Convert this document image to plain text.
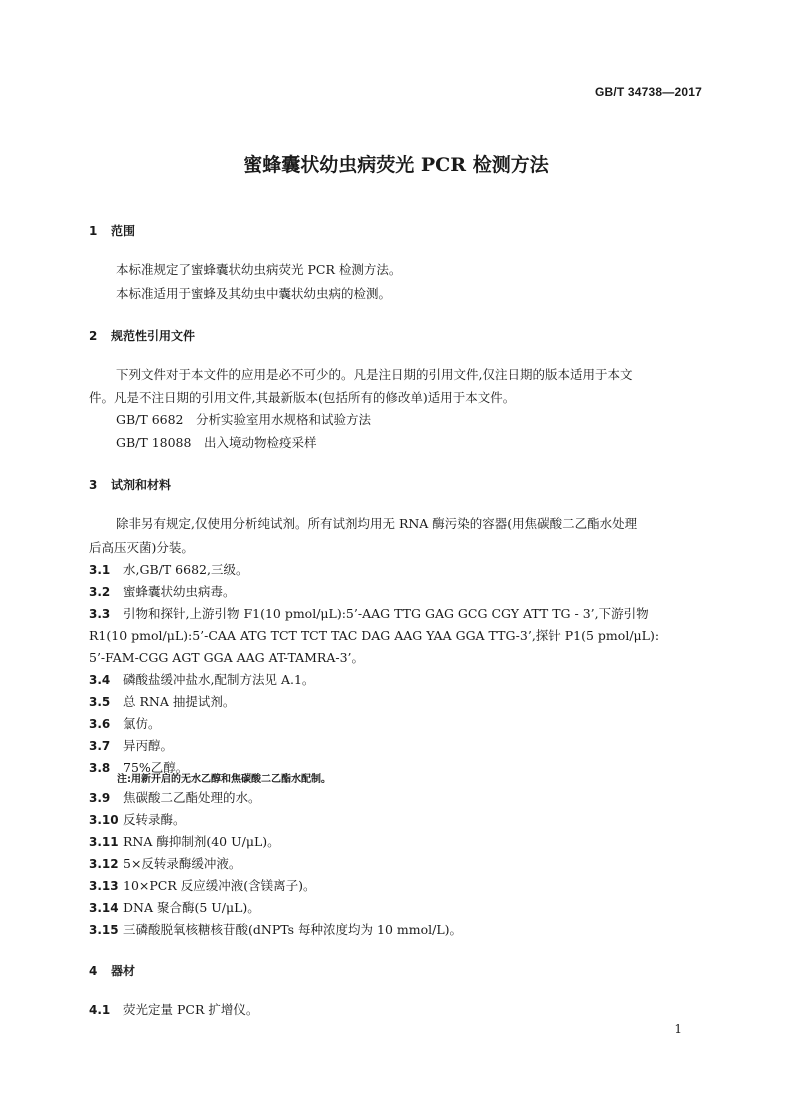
GB/T 34738—2017
蜜蜂囊状幼虫病荧光 PCR 检测方法
1 范围
本标准规定了蜜蜂囊状幼虫病荧光 PCR 检测方法。
本标准适用于蜜蜂及其幼虫中囊状幼虫病的检测。
2 规范性引用文件
下列文件对于本文件的应用是必不可少的。凡是注日期的引用文件,仅注日期的版本适用于本文
件。凡是不注日期的引用文件,其最新版本(包括所有的修改单)适用于本文件。
GB/T 6682　分析实验室用水规格和试验方法
GB/T 18088　出入境动物检疫采样
3 试剂和材料
除非另有规定,仅使用分析纯试剂。所有试剂均用无 RNA 酶污染的容器(用焦碳酸二乙酯水处理
后高压灭菌)分装。
3.1 水,GB/T 6682,三级。
3.2 蜜蜂囊状幼虫病毒。
3.3 引物和探针,上游引物 F1(10 pmol/μL):5’-AAG TTG GAG GCG CGY ATT TG - 3’,下游引物
R1(10 pmol/μL):5’-CAA ATG TCT TCT TAC DAG AAG YAA GGA TTG-3’,探针 P1(5 pmol/μL):
5’-FAM-CGG AGT GGA AAG AT-TAMRA-3’。
3.4 磷酸盐缓冲盐水,配制方法见 A.1。
3.5 总 RNA 抽提试剂。
3.6 氯仿。
3.7 异丙醇。
3.8 75%乙醇。
注:用新开启的无水乙醇和焦碳酸二乙酯水配制。
3.9 焦碳酸二乙酯处理的水。
3.10 反转录酶。
3.11 RNA 酶抑制剂(40 U/μL)。
3.12 5×反转录酶缓冲液。
3.13 10×PCR 反应缓冲液(含镁离子)。
3.14 DNA 聚合酶(5 U/μL)。
3.15 三磷酸脱氧核糖核苷酸(dNPTs 每种浓度均为 10 mmol/L)。
4 器材
4.1 荧光定量 PCR 扩增仪。
1
